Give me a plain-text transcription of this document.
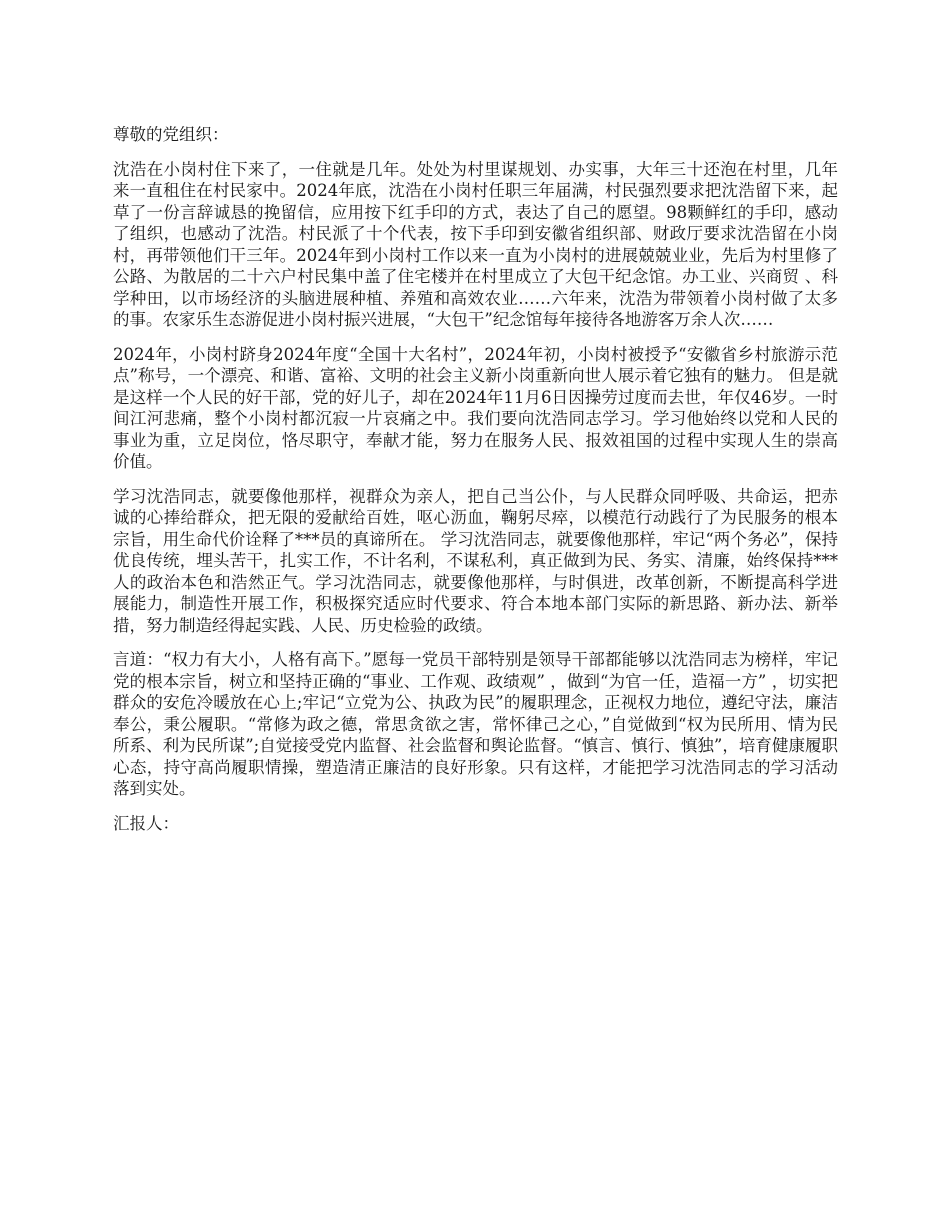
尊敬的党组织：

沈浩在小岗村住下来了，一住就是几年。处处为村里谋规划、办实事，大年三十还泡在村里，几年来一直租住在村民家中。2024年底，沈浩在小岗村任职三年届满，村民强烈要求把沈浩留下来，起草了一份言辞诚恳的挽留信，应用按下红手印的方式，表达了自己的愿望。98颗鲜红的手印，感动了组织，也感动了沈浩。村民派了十个代表，按下手印到安徽省组织部、财政厅要求沈浩留在小岗村，再带领他们干三年。2024年到小岗村工作以来一直为小岗村的进展兢兢业业，先后为村里修了公路、为散居的二十六户村民集中盖了住宅楼并在村里成立了大包干纪念馆。办工业、兴商贸 、科学种田，以市场经济的头脑进展种植、养殖和高效农业……六年来，沈浩为带领着小岗村做了太多的事。农家乐生态游促进小岗村振兴进展，“大包干”纪念馆每年接待各地游客万余人次……

2024年，小岗村跻身2024年度“全国十大名村”，2024年初，小岗村被授予“安徽省乡村旅游示范点”称号，一个漂亮、和谐、富裕、文明的社会主义新小岗重新向世人展示着它独有的魅力。 但是就是这样一个人民的好干部，党的好儿子，却在2024年11月6日因操劳过度而去世，年仅46岁。一时间江河悲痛，整个小岗村都沉寂一片哀痛之中。我们要向沈浩同志学习。学习他始终以党和人民的事业为重，立足岗位，恪尽职守，奉献才能，努力在服务人民、报效祖国的过程中实现人生的崇高价值。

学习沈浩同志，就要像他那样，视群众为亲人，把自己当公仆，与人民群众同呼吸、共命运，把赤诚的心捧给群众，把无限的爱献给百姓，呕心沥血，鞠躬尽瘁，以模范行动践行了为民服务的根本宗旨，用生命代价诠释了***员的真谛所在。 学习沈浩同志，就要像他那样，牢记“两个务必”，保持优良传统，埋头苦干，扎实工作，不计名利，不谋私利，真正做到为民、务实、清廉，始终保持***人的政治本色和浩然正气。学习沈浩同志，就要像他那样，与时俱进，改革创新，不断提高科学进展能力，制造性开展工作，积极探究适应时代要求、符合本地本部门实际的新思路、新办法、新举措，努力制造经得起实践、人民、历史检验的政绩。

言道：“权力有大小，人格有高下。”愿每一党员干部特别是领导干部都能够以沈浩同志为榜样，牢记党的根本宗旨，树立和坚持正确的“事业、工作观、政绩观” ，做到“为官一任，造福一方” ，切实把群众的安危冷暖放在心上;牢记“立党为公、执政为民”的履职理念，正视权力地位，遵纪守法，廉洁奉公，秉公履职。“常修为政之德，常思贪欲之害，常怀律己之心，”自觉做到“权为民所用、情为民所系、利为民所谋”;自觉接受党内监督、社会监督和舆论监督。“慎言、慎行、慎独”，培育健康履职心态，持守高尚履职情操，塑造清正廉洁的良好形象。只有这样，才能把学习沈浩同志的学习活动落到实处。

汇报人：
